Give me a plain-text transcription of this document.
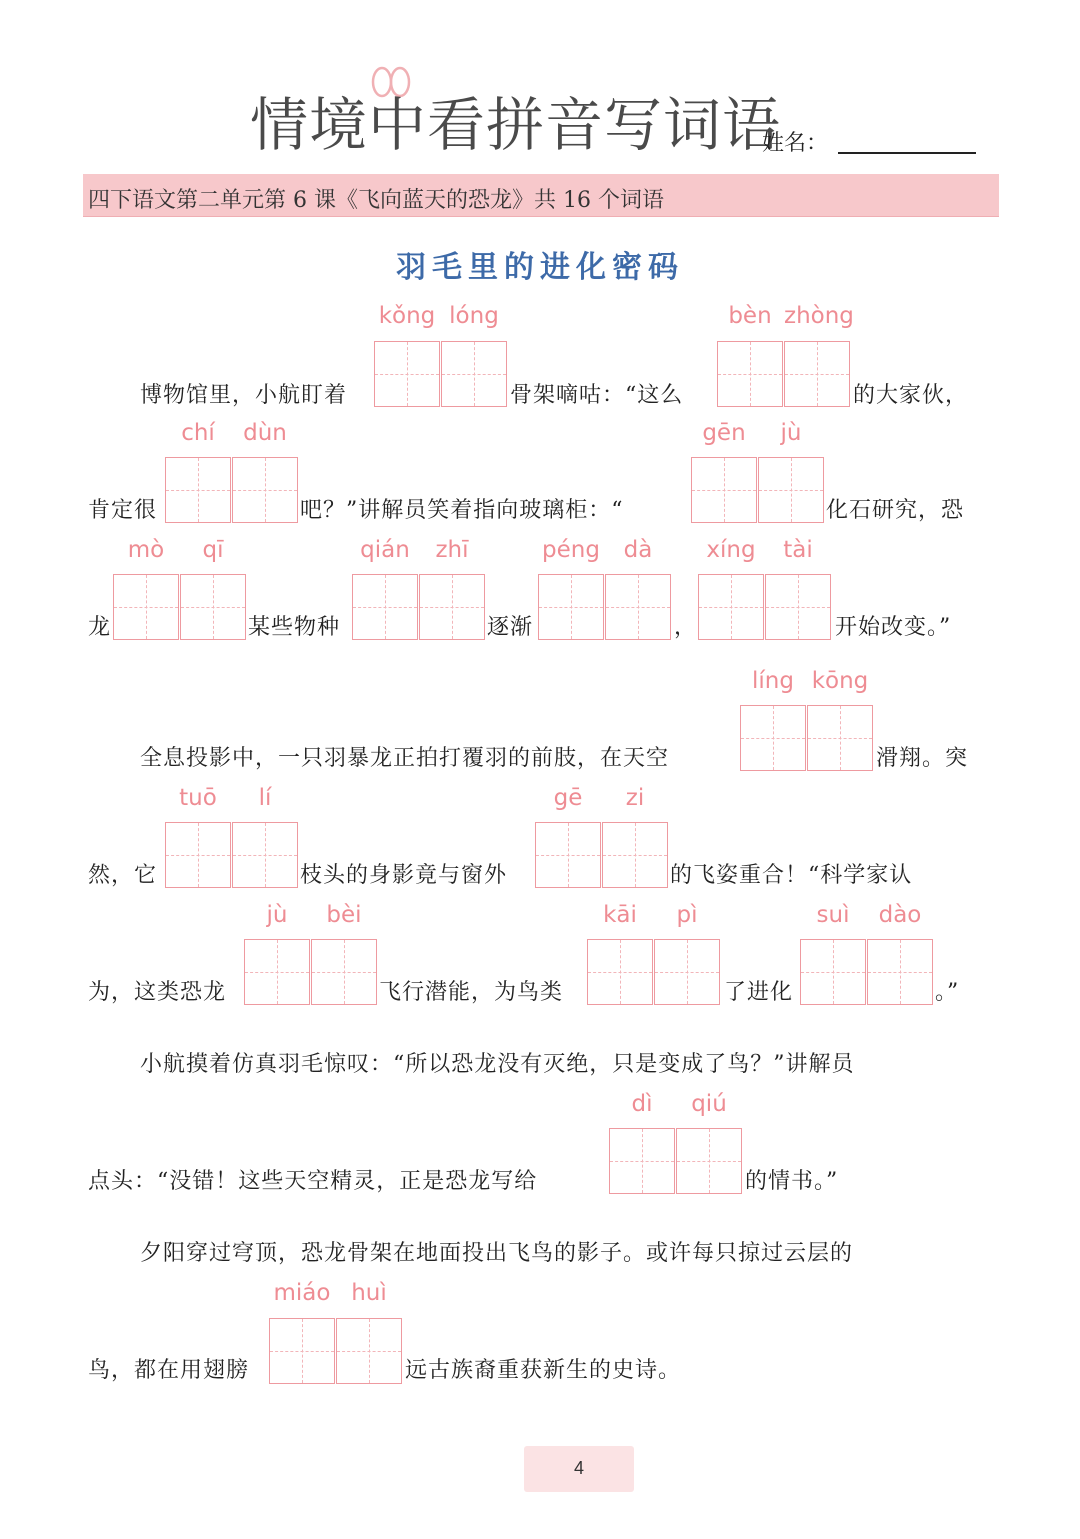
情境中看拼音写词语
姓名：
四下语文第二单元第 6 课《飞向蓝天的恐龙》共 16 个词语
羽毛里的进化密码
博物馆里，小航盯着
kǒng lóng
骨架嘀咕：“这么
bèn zhòng
的大家伙，
肯定很
chí	dùn
吧？”讲解员笑着指向玻璃柜：“
gēn	jù
化石研究，恐
龙
mò	qī
某些物种
qián	zhī
逐渐
péng	dà
，
xíng	tài
开始改变。”
全息投影中，一只羽暴龙正拍打覆羽的前肢，在天空
líng kōng
滑翔。突
然，它
tuō	lí
枝头的身影竟与窗外
gē	zi
的飞姿重合！“科学家认
为，这类恐龙
jù	bèi
飞行潜能，为鸟类
kāi	pì
了进化
suì	dào
。”
小航摸着仿真羽毛惊叹：“所以恐龙没有灭绝，只是变成了鸟？”讲解员
点头：“没错！这些天空精灵，正是恐龙写给
dì	qiú
的情书。”
夕阳穿过穹顶，恐龙骨架在地面投出飞鸟的影子。或许每只掠过云层的
鸟，都在用翅膀
miáo huì
远古族裔重获新生的史诗。
4
